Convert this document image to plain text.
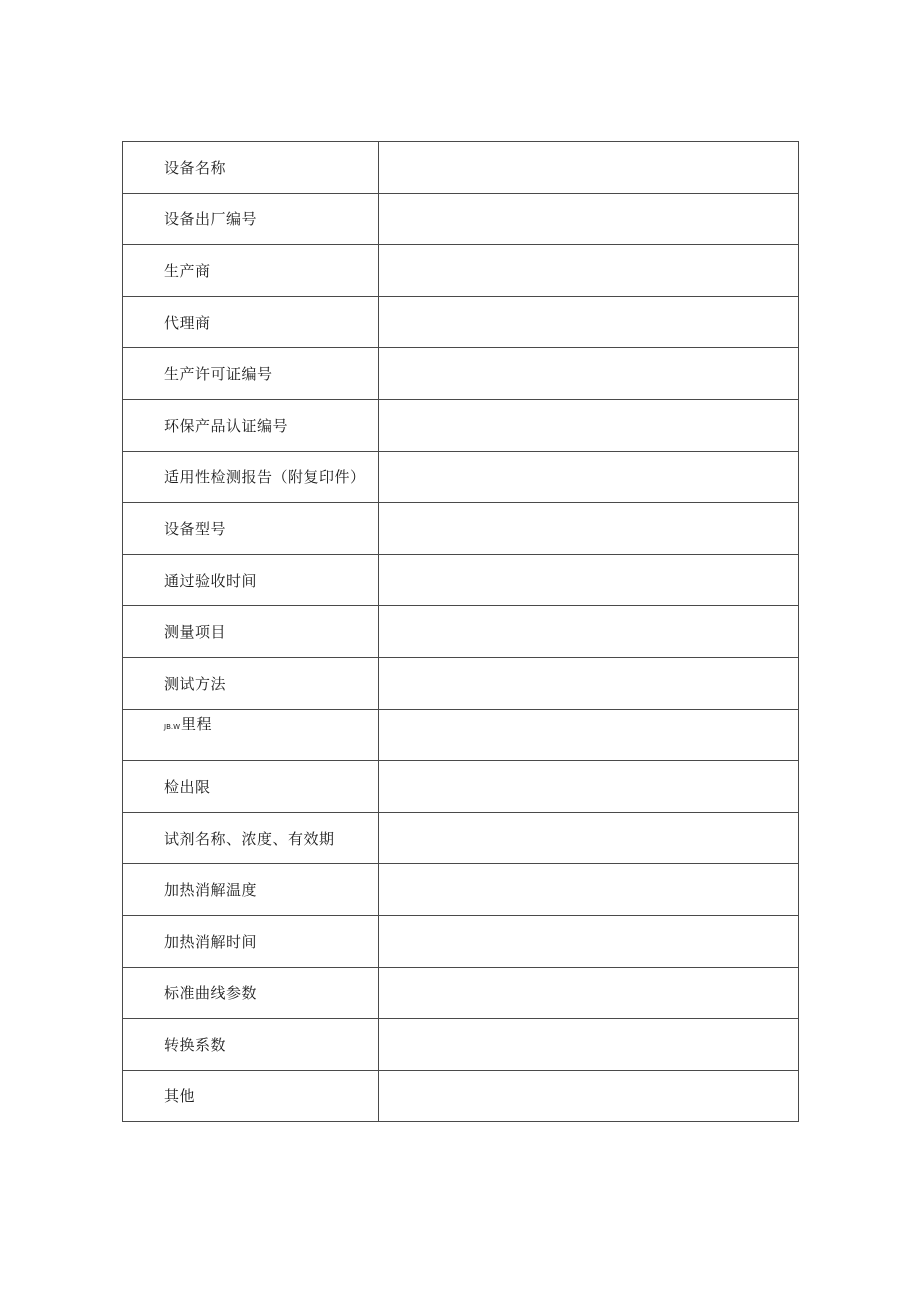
设备名称	
设备出厂编号	
生产商	
代理商	
生产许可证编号	
环保产品认证编号	
适用性检测报告（附复印件）	
设备型号	
通过验收时间	
测量项目	
测试方法	
JB.W里程	
检出限	
试剂名称、浓度、有效期	
加热消解温度	
加热消解时间	
标准曲线参数	
转换系数	
其他	
